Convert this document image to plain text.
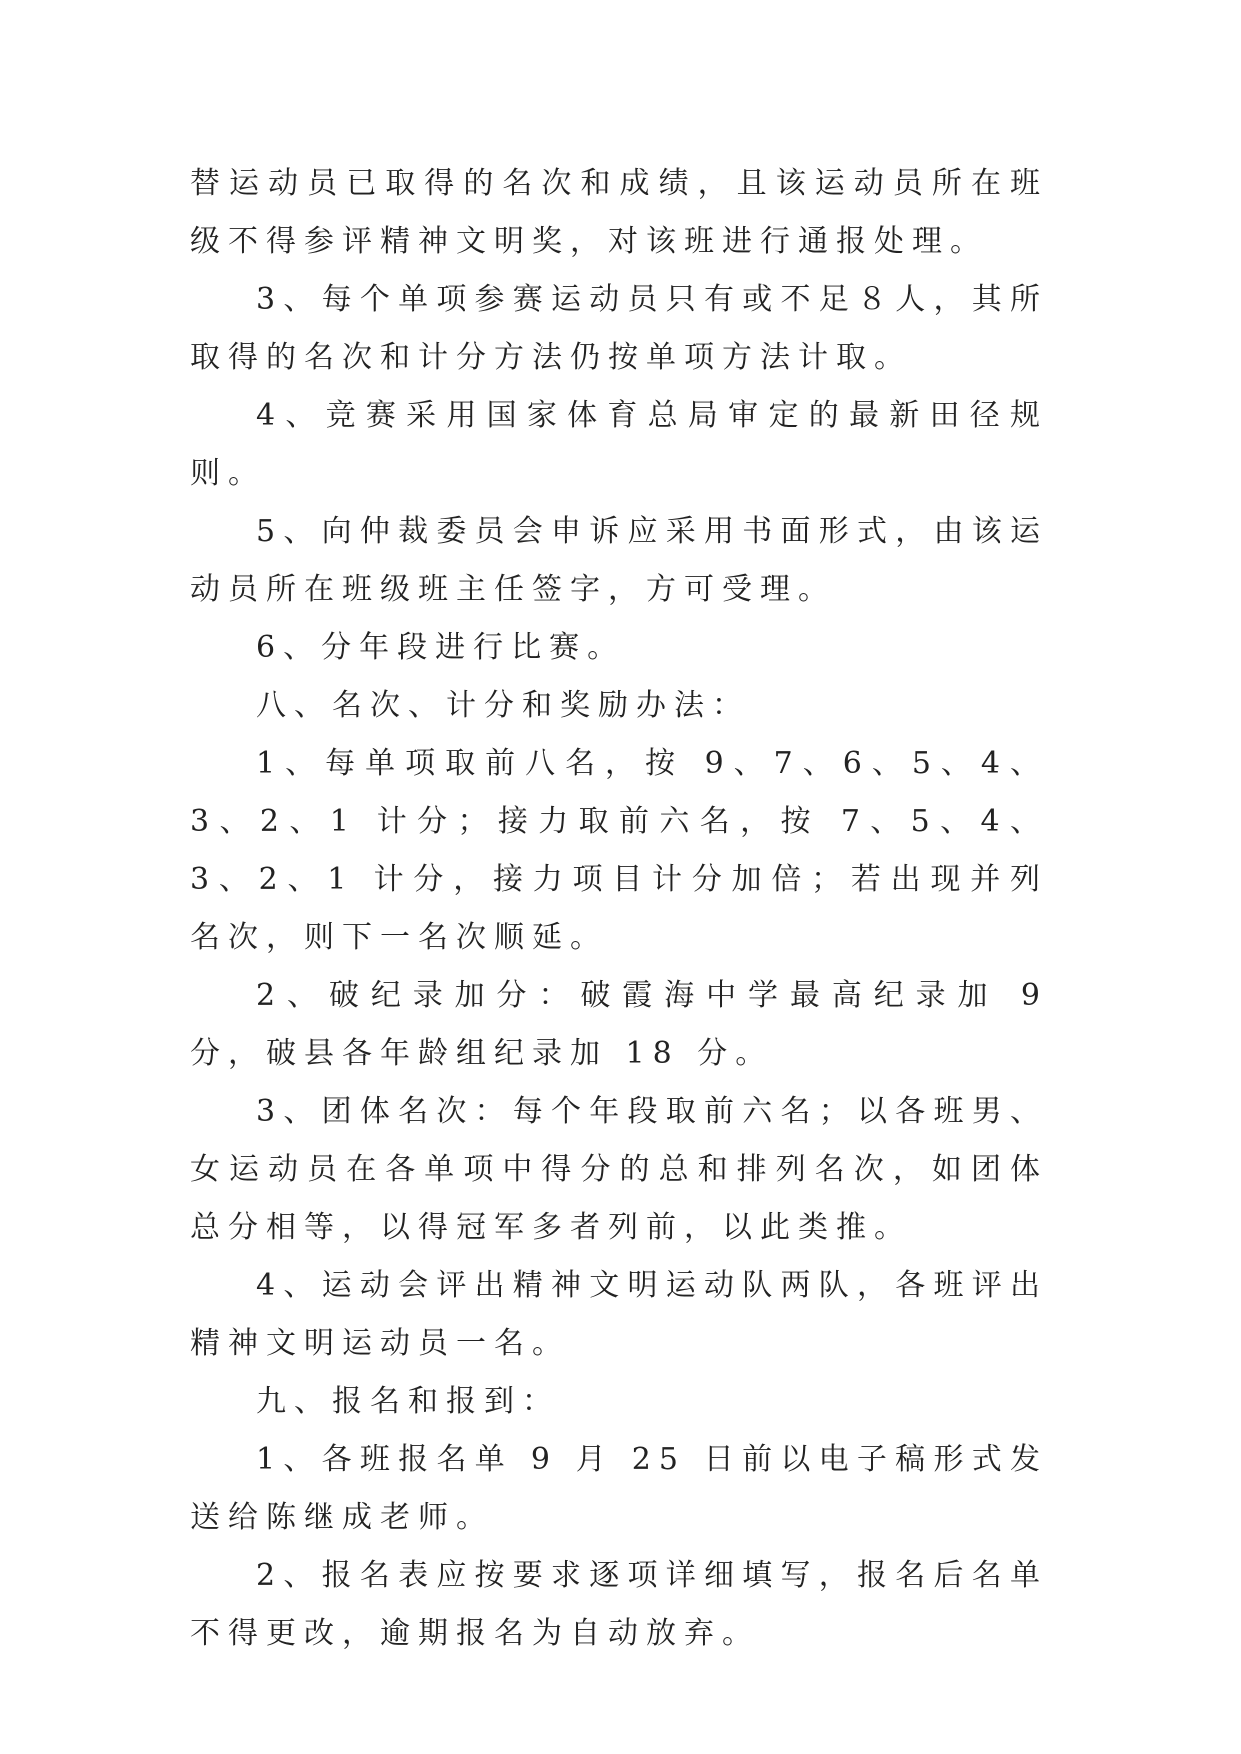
替运动员已取得的名次和成绩，且该运动员所在班级不得参评精神文明奖，对该班进行通报处理。

3、每个单项参赛运动员只有或不足８人，其所取得的名次和计分方法仍按单项方法计取。

4、竞赛采用国家体育总局审定的最新田径规则。

5、向仲裁委员会申诉应采用书面形式，由该运动员所在班级班主任签字，方可受理。

6、分年段进行比赛。

八、名次、计分和奖励办法：

1、每单项取前八名，按 9、7、6、5、4、3、2、1 计分；接力取前六名，按 7、5、4、3、2、1 计分，接力项目计分加倍；若出现并列名次，则下一名次顺延。

2、破纪录加分：破霞海中学最高纪录加 9 分，破县各年龄组纪录加 18 分。

3、团体名次：每个年段取前六名；以各班男、女运动员在各单项中得分的总和排列名次，如团体总分相等，以得冠军多者列前，以此类推。

4、运动会评出精神文明运动队两队，各班评出精神文明运动员一名。

九、报名和报到：

1、各班报名单 9 月 25 日前以电子稿形式发送给陈继成老师。

2、报名表应按要求逐项详细填写，报名后名单不得更改，逾期报名为自动放弃。
